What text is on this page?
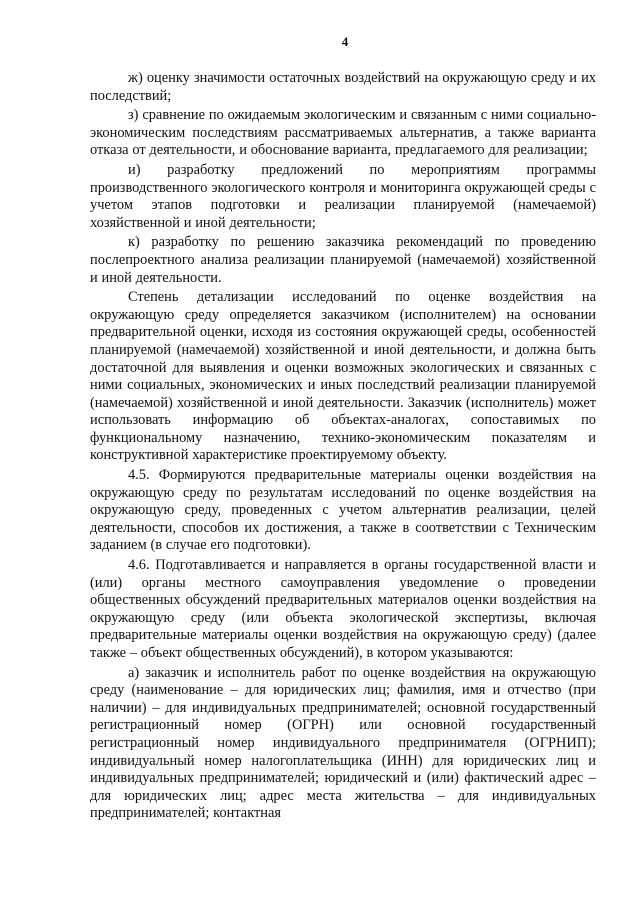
4

ж) оценку значимости остаточных воздействий на окружающую среду и их последствий;

з) сравнение по ожидаемым экологическим и связанным с ними социально-экономическим последствиям рассматриваемых альтернатив, а также варианта отказа от деятельности, и обоснование варианта, предлагаемого для реализации;

и) разработку предложений по мероприятиям программы производственного экологического контроля и мониторинга окружающей среды с учетом этапов подготовки и реализации планируемой (намечаемой) хозяйственной и иной деятельности;

к) разработку по решению заказчика рекомендаций по проведению послепроектного анализа реализации планируемой (намечаемой) хозяйственной и иной деятельности.

Степень детализации исследований по оценке воздействия на окружающую среду определяется заказчиком (исполнителем) на основании предварительной оценки, исходя из состояния окружающей среды, особенностей планируемой (намечаемой) хозяйственной и иной деятельности, и должна быть достаточной для выявления и оценки возможных экологических и связанных с ними социальных, экономических и иных последствий реализации планируемой (намечаемой) хозяйственной и иной деятельности. Заказчик (исполнитель) может использовать информацию об объектах-аналогах, сопоставимых по функциональному назначению, технико-экономическим показателям и конструктивной характеристике проектируемому объекту.

4.5. Формируются предварительные материалы оценки воздействия на окружающую среду по результатам исследований по оценке воздействия на окружающую среду, проведенных с учетом альтернатив реализации, целей деятельности, способов их достижения, а также в соответствии с Техническим заданием (в случае его подготовки).

4.6. Подготавливается и направляется в органы государственной власти и (или) органы местного самоуправления уведомление о проведении общественных обсуждений предварительных материалов оценки воздействия на окружающую среду (или объекта экологической экспертизы, включая предварительные материалы оценки воздействия на окружающую среду) (далее также – объект общественных обсуждений), в котором указываются:

а) заказчик и исполнитель работ по оценке воздействия на окружающую среду (наименование – для юридических лиц; фамилия, имя и отчество (при наличии) – для индивидуальных предпринимателей; основной государственный регистрационный номер (ОГРН) или основной государственный регистрационный номер индивидуального предпринимателя (ОГРНИП); индивидуальный номер налогоплательщика (ИНН) для юридических лиц и индивидуальных предпринимателей; юридический и (или) фактический адрес – для юридических лиц; адрес места жительства – для индивидуальных предпринимателей; контактная
